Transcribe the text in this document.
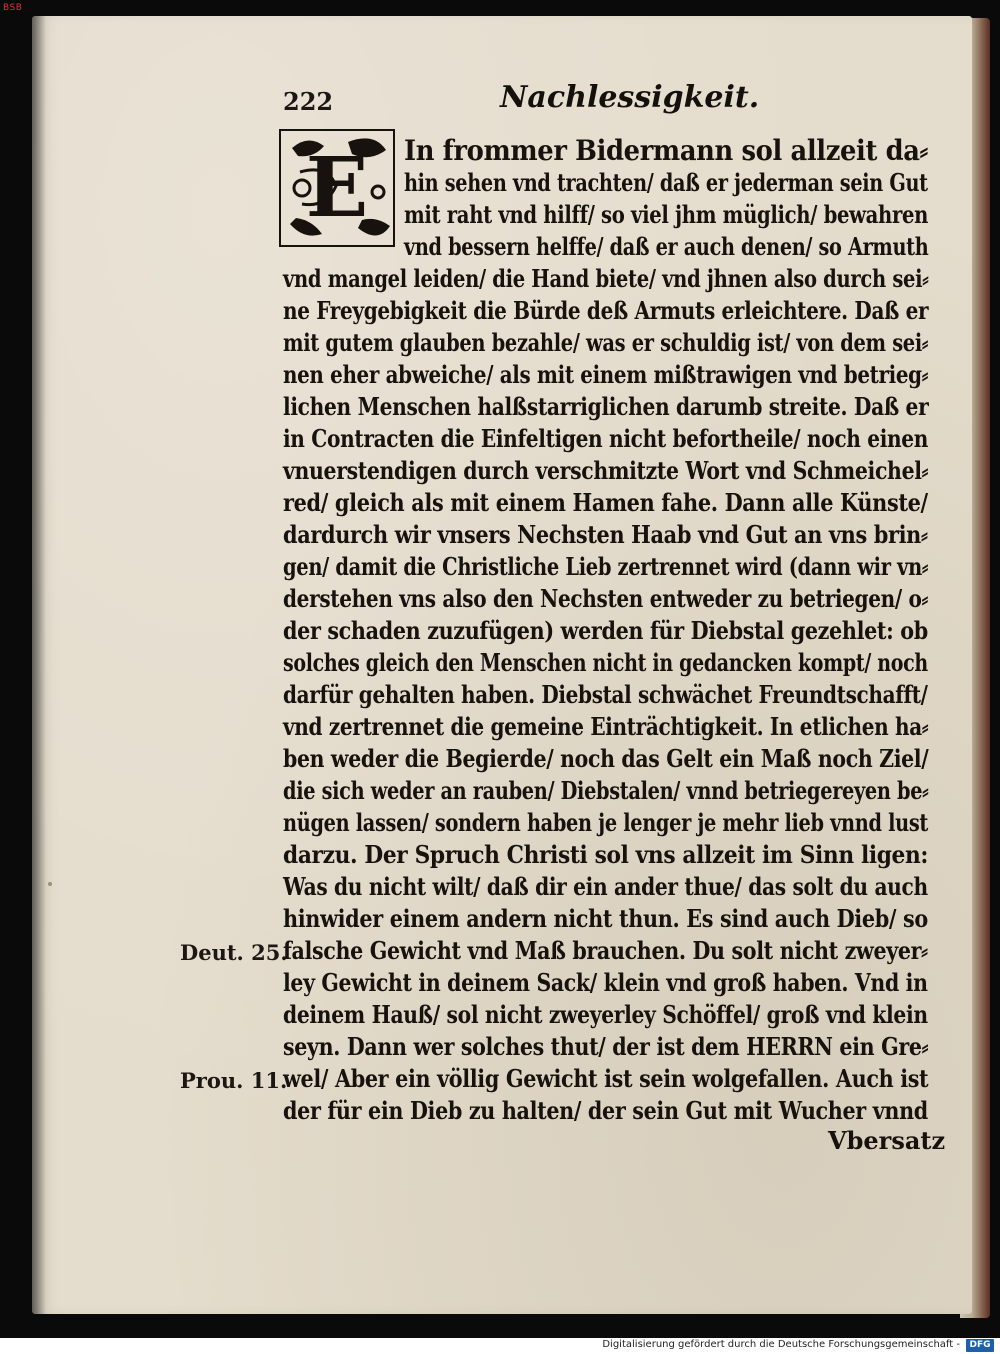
BSB
222	Nachlessigkeit.
E In frommer Bidermann sol allzeit da⸗
hin sehen vnd trachten/ daß er jederman sein Gut
mit raht vnd hilff/ so viel jhm müglich/ bewahren
vnd bessern helffe/ daß er auch denen/ so Armuth
vnd mangel leiden/ die Hand biete/ vnd jhnen also durch sei⸗
ne Freygebigkeit die Bürde deß Armuts erleichtere. Daß er
mit gutem glauben bezahle/ was er schuldig ist/ von dem sei⸗
nen eher abweiche/ als mit einem mißtrawigen vnd betrieg⸗
lichen Menschen halßstarriglichen darumb streite. Daß er
in Contracten die Einfeltigen nicht befortheile/ noch einen
vnuerstendigen durch verschmitzte Wort vnd Schmeichel⸗
red/ gleich als mit einem Hamen fahe. Dann alle Künste/
dardurch wir vnsers Nechsten Haab vnd Gut an vns brin⸗
gen/ damit die Christliche Lieb zertrennet wird (dann wir vn⸗
derstehen vns also den Nechsten entweder zu betriegen/ o⸗
der schaden zuzufügen) werden für Diebstal gezehlet: ob
solches gleich den Menschen nicht in gedancken kompt/ noch
darfür gehalten haben. Diebstal schwächet Freundtschafft/
vnd zertrennet die gemeine Einträchtigkeit. In etlichen ha⸗
ben weder die Begierde/ noch das Gelt ein Maß noch Ziel/
die sich weder an rauben/ Diebstalen/ vnnd betriegereyen be⸗
nügen lassen/ sondern haben je lenger je mehr lieb vnnd lust
darzu. Der Spruch Christi sol vns allzeit im Sinn ligen:
Was du nicht wilt/ daß dir ein ander thue/ das solt du auch
hinwider einem andern nicht thun. Es sind auch Dieb/ so
falsche Gewicht vnd Maß brauchen. Du solt nicht zweyer⸗
ley Gewicht in deinem Sack/ klein vnd groß haben. Vnd in
deinem Hauß/ sol nicht zweyerley Schöffel/ groß vnd klein
seyn. Dann wer solches thut/ der ist dem HERRN ein Gre⸗
wel/ Aber ein völlig Gewicht ist sein wolgefallen. Auch ist
der für ein Dieb zu halten/ der sein Gut mit Wucher vnnd
Deut. 25.
Prou. 11.
Vbersatz
Digitalisierung gefördert durch die Deutsche Forschungsgemeinschaft -	DFG
